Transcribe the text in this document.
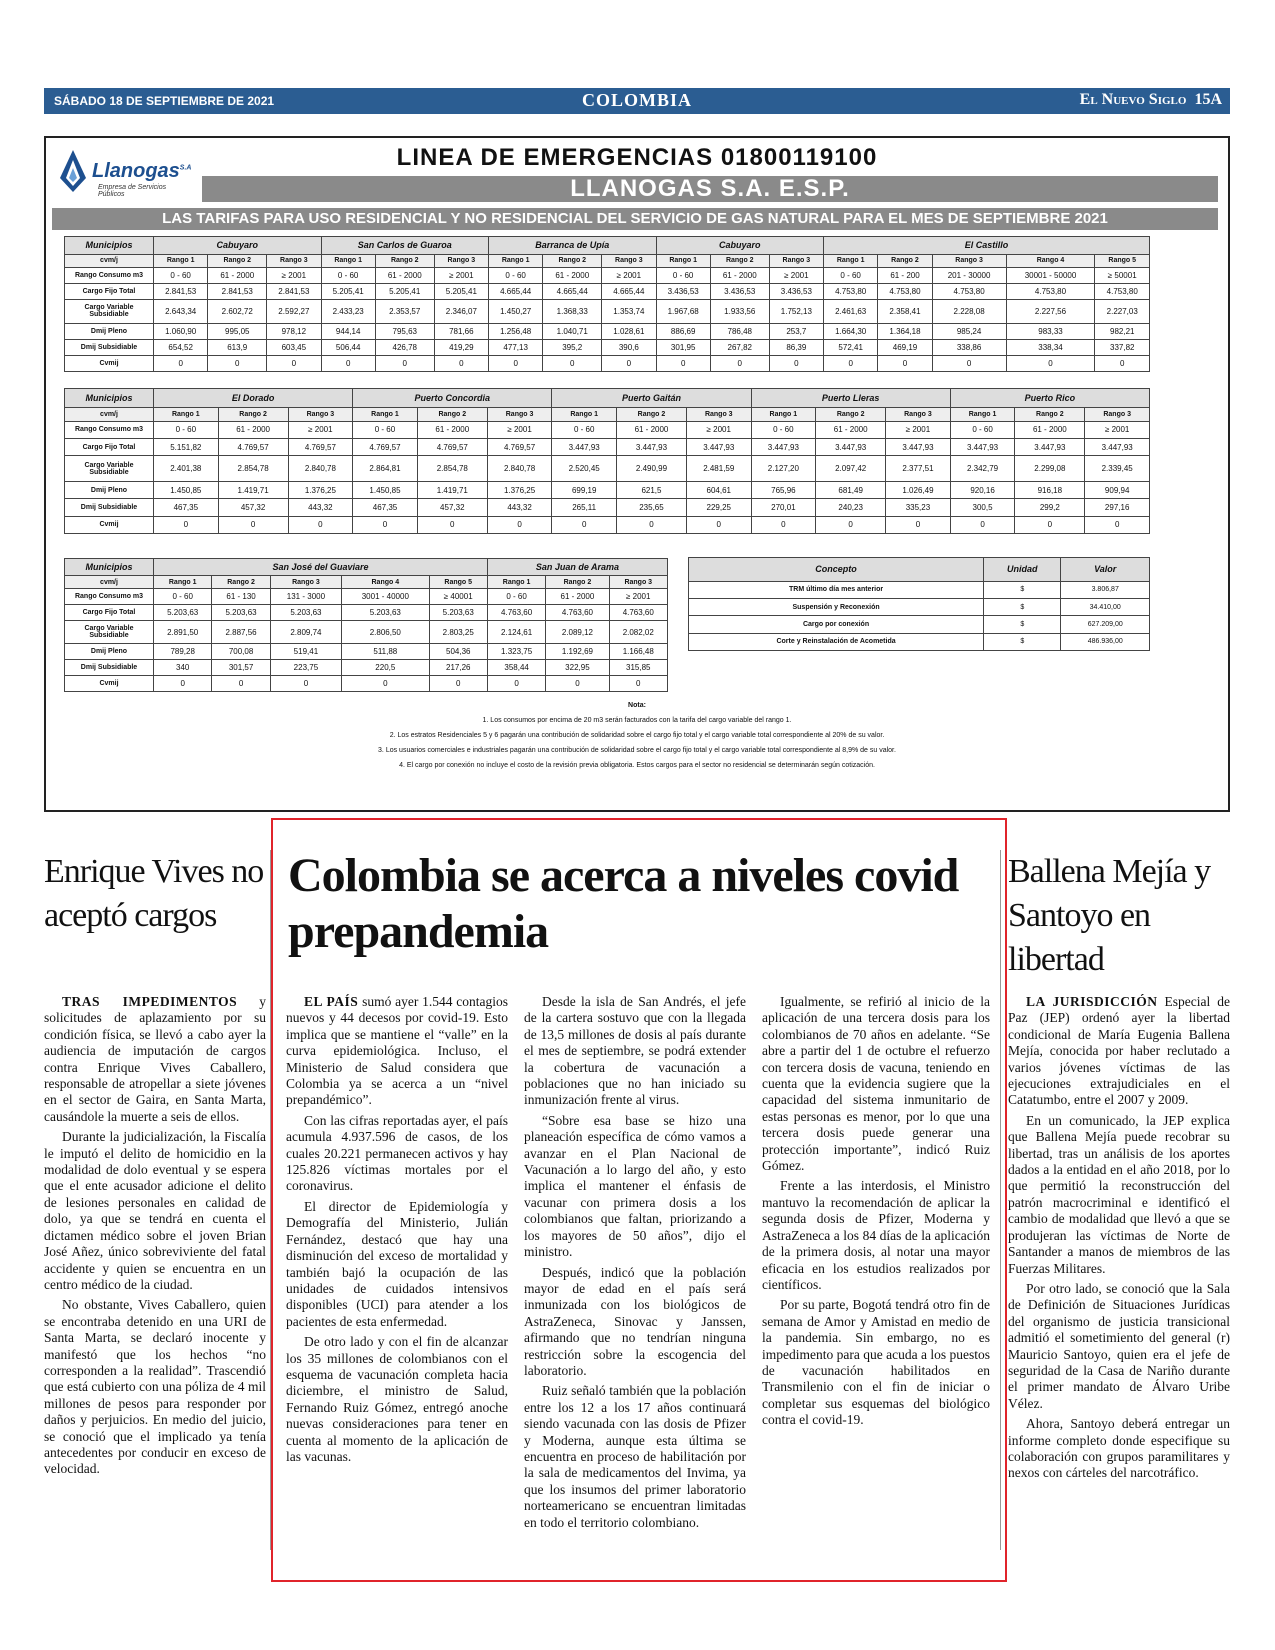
SÁBADO 18 DE SEPTIEMBRE DE 2021	COLOMBIA	El Nuevo Siglo 15A
Llanogas$^{S.A}$
Empresa de Servicios Públicos
LINEA DE EMERGENCIAS 01800119100
LLANOGAS S.A. E.S.P.
LAS TARIFAS PARA USO RESIDENCIAL Y NO RESIDENCIAL DEL SERVICIO DE GAS NATURAL PARA EL MES DE SEPTIEMBRE 2021
Municipios	Cabuyaro			San Carlos de Guaroa			Barranca de Upía			Cabuyaro			El Castillo				
cvm/j	Rango 1	Rango 2	Rango 3	Rango 1	Rango 2	Rango 3	Rango 1	Rango 2	Rango 3	Rango 1	Rango 2	Rango 3	Rango 1	Rango 2	Rango 3	Rango 4	Rango 5
Rango Consumo m3	0 - 60	61 - 2000	≥ 2001	0 - 60	61 - 2000	≥ 2001	0 - 60	61 - 2000	≥ 2001	0 - 60	61 - 2000	≥ 2001	0 - 60	61 - 200	201 - 30000	30001 - 50000	≥ 50001
Cargo Fijo Total	2.841,53	2.841,53	2.841,53	5.205,41	5.205,41	5.205,41	4.665,44	4.665,44	4.665,44	3.436,53	3.436,53	3.436,53	4.753,80	4.753,80	4.753,80	4.753,80	4.753,80
Cargo Variable Subsidiable	2.643,34	2.602,72	2.592,27	2.433,23	2.353,57	2.346,07	1.450,27	1.368,33	1.353,74	1.967,68	1.933,56	1.752,13	2.461,63	2.358,41	2.228,08	2.227,56	2.227,03
Dmij Pleno	1.060,90	995,05	978,12	944,14	795,63	781,66	1.256,48	1.040,71	1.028,61	886,69	786,48	253,7	1.664,30	1.364,18	985,24	983,33	982,21
Dmij Subsidiable	654,52	613,9	603,45	506,44	426,78	419,29	477,13	395,2	390,6	301,95	267,82	86,39	572,41	469,19	338,86	338,34	337,82
Cvmij	0	0	0	0	0	0	0	0	0	0	0	0	0	0	0	0	0
Municipios	El Dorado			Puerto Concordia			Puerto Gaitán			Puerto Lleras			Puerto Rico		
cvm/j	Rango 1	Rango 2	Rango 3	Rango 1	Rango 2	Rango 3	Rango 1	Rango 2	Rango 3	Rango 1	Rango 2	Rango 3	Rango 1	Rango 2	Rango 3
Rango Consumo m3	0 - 60	61 - 2000	≥ 2001	0 - 60	61 - 2000	≥ 2001	0 - 60	61 - 2000	≥ 2001	0 - 60	61 - 2000	≥ 2001	0 - 60	61 - 2000	≥ 2001
Cargo Fijo Total	5.151,82	4.769,57	4.769,57	4.769,57	4.769,57	4.769,57	3.447,93	3.447,93	3.447,93	3.447,93	3.447,93	3.447,93	3.447,93	3.447,93	3.447,93
Cargo Variable Subsidiable	2.401,38	2.854,78	2.840,78	2.864,81	2.854,78	2.840,78	2.520,45	2.490,99	2.481,59	2.127,20	2.097,42	2.377,51	2.342,79	2.299,08	2.339,45
Dmij Pleno	1.450,85	1.419,71	1.376,25	1.450,85	1.419,71	1.376,25	699,19	621,5	604,61	765,96	681,49	1.026,49	920,16	916,18	909,94
Dmij Subsidiable	467,35	457,32	443,32	467,35	457,32	443,32	265,11	235,65	229,25	270,01	240,23	335,23	300,5	299,2	297,16
Cvmij	0	0	0	0	0	0	0	0	0	0	0	0	0	0	0
Municipios	San José del Guaviare					San Juan de Arama		
cvm/j	Rango 1	Rango 2	Rango 3	Rango 4	Rango 5	Rango 1	Rango 2	Rango 3
Rango Consumo m3	0 - 60	61 - 130	131 - 3000	3001 - 40000	≥ 40001	0 - 60	61 - 2000	≥ 2001
Cargo Fijo Total	5.203,63	5.203,63	5.203,63	5.203,63	5.203,63	4.763,60	4.763,60	4.763,60
Cargo Variable Subsidiable	2.891,50	2.887,56	2.809,74	2.806,50	2.803,25	2.124,61	2.089,12	2.082,02
Dmij Pleno	789,28	700,08	519,41	511,88	504,36	1.323,75	1.192,69	1.166,48
Dmij Subsidiable	340	301,57	223,75	220,5	217,26	358,44	322,95	315,85
Cvmij	0	0	0	0	0	0	0	0
Concepto	Unidad	Valor
TRM último día mes anterior	$	3.806,87
Suspensión y Reconexión	$	34.410,00
Cargo por conexión	$	627.209,00
Corte y Reinstalación de Acometida	$	486.936,00
Nota:
1. Los consumos por encima de 20 m3 serán facturados con la tarifa del cargo variable del rango 1.
2. Los estratos Residenciales 5 y 6 pagarán una contribución de solidaridad sobre el cargo fijo total y el cargo variable total correspondiente al 20% de su valor.
3. Los usuarios comerciales e industriales pagarán una contribución de solidaridad sobre el cargo fijo total y el cargo variable total correspondiente al 8,9% de su valor.
4. El cargo por conexión no incluye el costo de la revisión previa obligatoria. Estos cargos para el sector no residencial se determinarán según cotización.
Enrique Vives no aceptó cargos

TRAS IMPEDIMENTOS y solicitudes de aplazamiento por su condición física, se llevó a cabo ayer la audiencia de imputación de cargos contra Enrique Vives Caballero, responsable de atropellar a siete jóvenes en el sector de Gaira, en Santa Marta, causándole la muerte a seis de ellos.

Durante la judicialización, la Fiscalía le imputó el delito de homicidio en la modalidad de dolo eventual y se espera que el ente acusador adicione el delito de lesiones personales en calidad de dolo, ya que se tendrá en cuenta el dictamen médico sobre el joven Brian José Añez, único sobreviviente del fatal accidente y quien se encuentra en un centro médico de la ciudad.

No obstante, Vives Caballero, quien se encontraba detenido en una URI de Santa Marta, se declaró inocente y manifestó que los hechos “no corresponden a la realidad”. Trascendió que está cubierto con una póliza de 4 mil millones de pesos para responder por daños y perjuicios. En medio del juicio, se conoció que el implicado ya tenía antecedentes por conducir en exceso de velocidad.

Colombia se acerca a niveles covid prepandemia

EL PAÍS sumó ayer 1.544 contagios nuevos y 44 decesos por covid-19. Esto implica que se mantiene el “valle” en la curva epidemiológica. Incluso, el Ministerio de Salud considera que Colombia ya se acerca a un “nivel prepandémico”.

Con las cifras reportadas ayer, el país acumula 4.937.596 de casos, de los cuales 20.221 permanecen activos y hay 125.826 víctimas mortales por el coronavirus.

El director de Epidemiología y Demografía del Ministerio, Julián Fernández, destacó que hay una disminución del exceso de mortalidad y también bajó la ocupación de las unidades de cuidados intensivos disponibles (UCI) para atender a los pacientes de esta enfermedad.

De otro lado y con el fin de alcanzar los 35 millones de colombianos con el esquema de vacunación completa hacia diciembre, el ministro de Salud, Fernando Ruiz Gómez, entregó anoche nuevas consideraciones para tener en cuenta al momento de la aplicación de las vacunas.

Desde la isla de San Andrés, el jefe de la cartera sostuvo que con la llegada de 13,5 millones de dosis al país durante el mes de septiembre, se podrá extender la cobertura de vacunación a poblaciones que no han iniciado su inmunización frente al virus.

“Sobre esa base se hizo una planeación específica de cómo vamos a avanzar en el Plan Nacional de Vacunación a lo largo del año, y esto implica el mantener el énfasis de vacunar con primera dosis a los colombianos que faltan, priorizando a los mayores de 50 años”, dijo el ministro.

Después, indicó que la población mayor de edad en el país será inmunizada con los biológicos de AstraZeneca, Sinovac y Janssen, afirmando que no tendrían ninguna restricción sobre la escogencia del laboratorio.

Ruiz señaló también que la población entre los 12 a los 17 años continuará siendo vacunada con las dosis de Pfizer y Moderna, aunque esta última se encuentra en proceso de habilitación por la sala de medicamentos del Invima, ya que los insumos del primer laboratorio norteamericano se encuentran limitadas en todo el territorio colombiano.

Igualmente, se refirió al inicio de la aplicación de una tercera dosis para los colombianos de 70 años en adelante. “Se abre a partir del 1 de octubre el refuerzo con tercera dosis de vacuna, teniendo en cuenta que la evidencia sugiere que la capacidad del sistema inmunitario de estas personas es menor, por lo que una tercera dosis puede generar una protección importante”, indicó Ruiz Gómez.

Frente a las interdosis, el Ministro mantuvo la recomendación de aplicar la segunda dosis de Pfizer, Moderna y AstraZeneca a los 84 días de la aplicación de la primera dosis, al notar una mayor eficacia en los estudios realizados por científicos.

Por su parte, Bogotá tendrá otro fin de semana de Amor y Amistad en medio de la pandemia. Sin embargo, no es impedimento para que acuda a los puestos de vacunación habilitados en Transmilenio con el fin de iniciar o completar sus esquemas del biológico contra el covid-19.

Ballena Mejía y Santoyo en libertad

LA JURISDICCIÓN Especial de Paz (JEP) ordenó ayer la libertad condicional de María Eugenia Ballena Mejía, conocida por haber reclutado a varios jóvenes víctimas de las ejecuciones extrajudiciales en el Catatumbo, entre el 2007 y 2009.

En un comunicado, la JEP explica que Ballena Mejía puede recobrar su libertad, tras un análisis de los aportes dados a la entidad en el año 2018, por lo que permitió la reconstrucción del patrón macrocriminal e identificó el cambio de modalidad que llevó a que se produjeran las víctimas de Norte de Santander a manos de miembros de las Fuerzas Militares.

Por otro lado, se conoció que la Sala de Definición de Situaciones Jurídicas del organismo de justicia transicional admitió el sometimiento del general (r) Mauricio Santoyo, quien era el jefe de seguridad de la Casa de Nariño durante el primer mandato de Álvaro Uribe Vélez.

Ahora, Santoyo deberá entregar un informe completo donde especifique su colaboración con grupos paramilitares y nexos con cárteles del narcotráfico.
